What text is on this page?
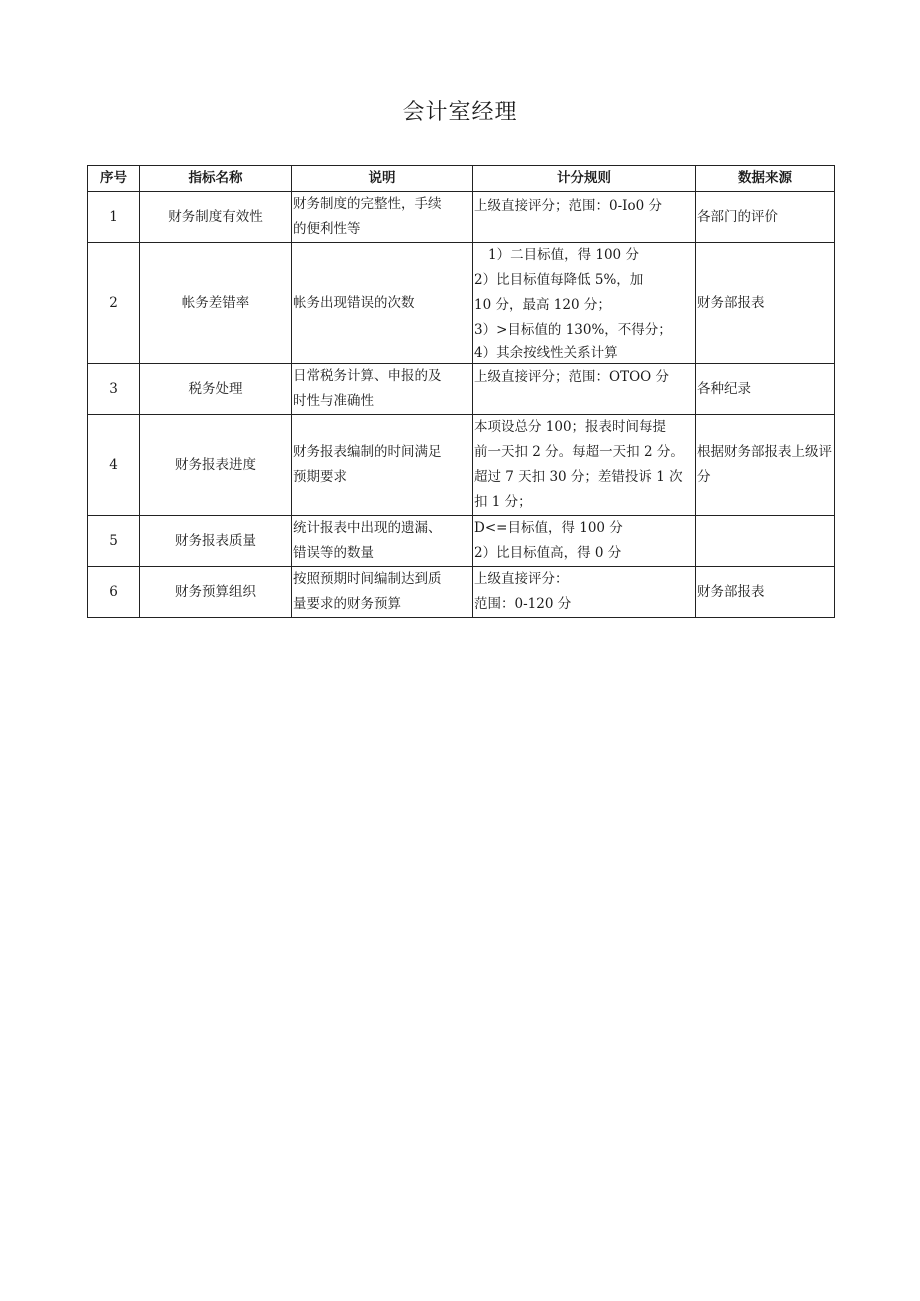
会计室经理
序号	指标名称	说明	计分规则	数据来源
1	财务制度有效性	财务制度的完整性，手续
的便利性等	上级直接评分；范围：0-Io0 分	各部门的评价
2	帐务差错率	帐务出现错误的次数	1）二目标值，得 100 分
2）比目标值每降低 5%，加
10 分，最高 120 分；
3）>目标值的 130%，不得分；
4）其余按线性关系计算	财务部报表
3	税务处理	日常税务计算、申报的及
时性与准确性	上级直接评分；范围：OTOO 分	各种纪录
4	财务报表进度	财务报表编制的时间满足
预期要求	本项设总分 100；报表时间每提
前一天扣 2 分。每超一天扣 2 分。
超过 7 天扣 30 分；差错投诉 1 次
扣 1 分；	根据财务部报表上级评分
5	财务报表质量	统计报表中出现的遗漏、
错误等的数量	D<=目标值，得 100 分
2）比目标值高，得 0 分	

6	财务预算组织	按照预期时间编制达到质
量要求的财务预算	上级直接评分：
范围：0-120 分	财务部报表
